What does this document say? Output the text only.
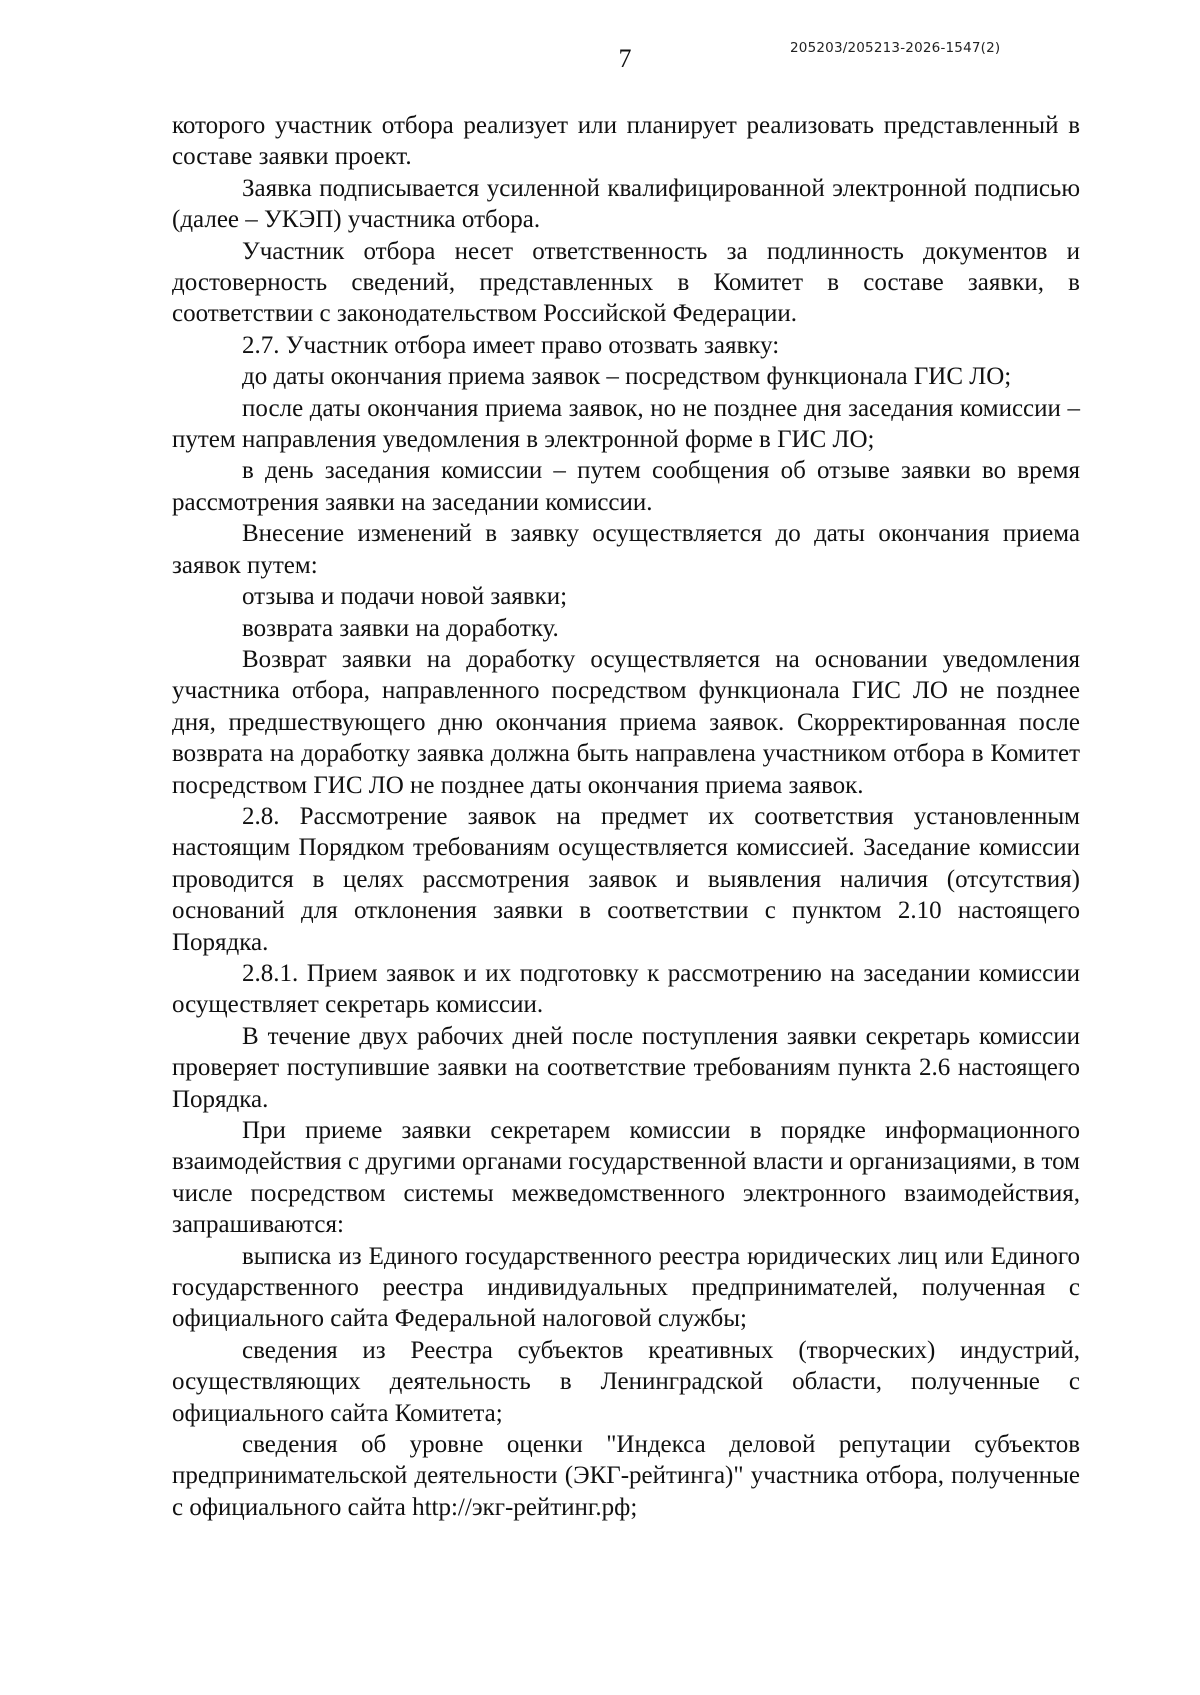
7	205203/205213-2026-1547(2)

которого участник отбора реализует или планирует реализовать представленный в составе заявки проект.

Заявка подписывается усиленной квалифицированной электронной подписью (далее – УКЭП) участника отбора.

Участник отбора несет ответственность за подлинность документов и достоверность сведений, представленных в Комитет в составе заявки, в соответствии с законодательством Российской Федерации.

2.7. Участник отбора имеет право отозвать заявку:

до даты окончания приема заявок – посредством функционала ГИС ЛО;

после даты окончания приема заявок, но не позднее дня заседания комиссии – путем направления уведомления в электронной форме в ГИС ЛО;

в день заседания комиссии – путем сообщения об отзыве заявки во время рассмотрения заявки на заседании комиссии.

Внесение изменений в заявку осуществляется до даты окончания приема заявок путем:

отзыва и подачи новой заявки;

возврата заявки на доработку.

Возврат заявки на доработку осуществляется на основании уведомления участника отбора, направленного посредством функционала ГИС ЛО не позднее дня, предшествующего дню окончания приема заявок. Скорректированная после возврата на доработку заявка должна быть направлена участником отбора в Комитет посредством ГИС ЛО не позднее даты окончания приема заявок.

2.8. Рассмотрение заявок на предмет их соответствия установленным настоящим Порядком требованиям осуществляется комиссией. Заседание комиссии проводится в целях рассмотрения заявок и выявления наличия (отсутствия) оснований для отклонения заявки в соответствии с пунктом 2.10 настоящего Порядка.

2.8.1. Прием заявок и их подготовку к рассмотрению на заседании комиссии осуществляет секретарь комиссии.

В течение двух рабочих дней после поступления заявки секретарь комиссии проверяет поступившие заявки на соответствие требованиям пункта 2.6 настоящего Порядка.

При приеме заявки секретарем комиссии в порядке информационного взаимодействия с другими органами государственной власти и организациями, в том числе посредством системы межведомственного электронного взаимодействия, запрашиваются:

выписка из Единого государственного реестра юридических лиц или Единого государственного реестра индивидуальных предпринимателей, полученная с официального сайта Федеральной налоговой службы;

сведения из Реестра субъектов креативных (творческих) индустрий, осуществляющих деятельность в Ленинградской области, полученные с официального сайта Комитета;

сведения об уровне оценки "Индекса деловой репутации субъектов предпринимательской деятельности (ЭКГ-рейтинга)" участника отбора, полученные с официального сайта http://экг-рейтинг.рф;
